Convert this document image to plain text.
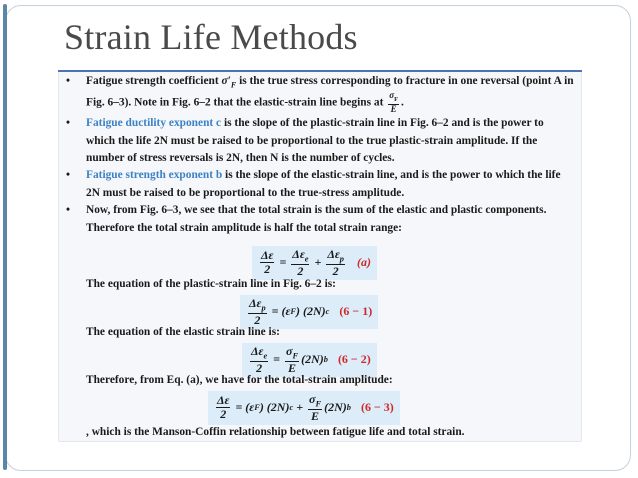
Strain Life Methods

• Fatigue strength coefficient $\sigma'_F$ is the true stress corresponding to fracture in one reversal (point A in Fig. 6–3). Note in Fig. 6–2 that the elastic-strain line begins at $\frac{\sigma_F}{E}$ .

• Fatigue ductility exponent c is the slope of the plastic-strain line in Fig. 6–2 and is the power to which the life 2N must be raised to be proportional to the true plastic-strain amplitude. If the number of stress reversals is 2N, then N is the number of cycles.

• Fatigue strength exponent b is the slope of the elastic-strain line, and is the power to which the life 2N must be raised to be proportional to the true-stress amplitude.

• Now, from Fig. 6–3, we see that the total strain is the sum of the elastic and plastic components. Therefore the total strain amplitude is half the total strain range:

$\frac{\Delta\varepsilon}{2} = \frac{\Delta\varepsilon_e}{2} + \frac{\Delta\varepsilon_p}{2} (a)$
The equation of the plastic-strain line in Fig. 6–2 is:
$\frac{\Delta\varepsilon_p}{2} = (\varepsilon$ F ) (2N) c (6 − 1)
The equation of the elastic strain line is:
$\frac{\Delta\varepsilon_e}{2} = \frac{\sigma_F}{E} (2N)$ b (6 − 2)
Therefore, from Eq. (a), we have for the total-strain amplitude:
$\frac{\Delta\varepsilon}{2} = (\varepsilon$ F ) (2N) $c + \frac{\sigma_F}{E} (2N)$ b (6 − 3)
, which is the Manson-Coffin relationship between fatigue life and total strain.
